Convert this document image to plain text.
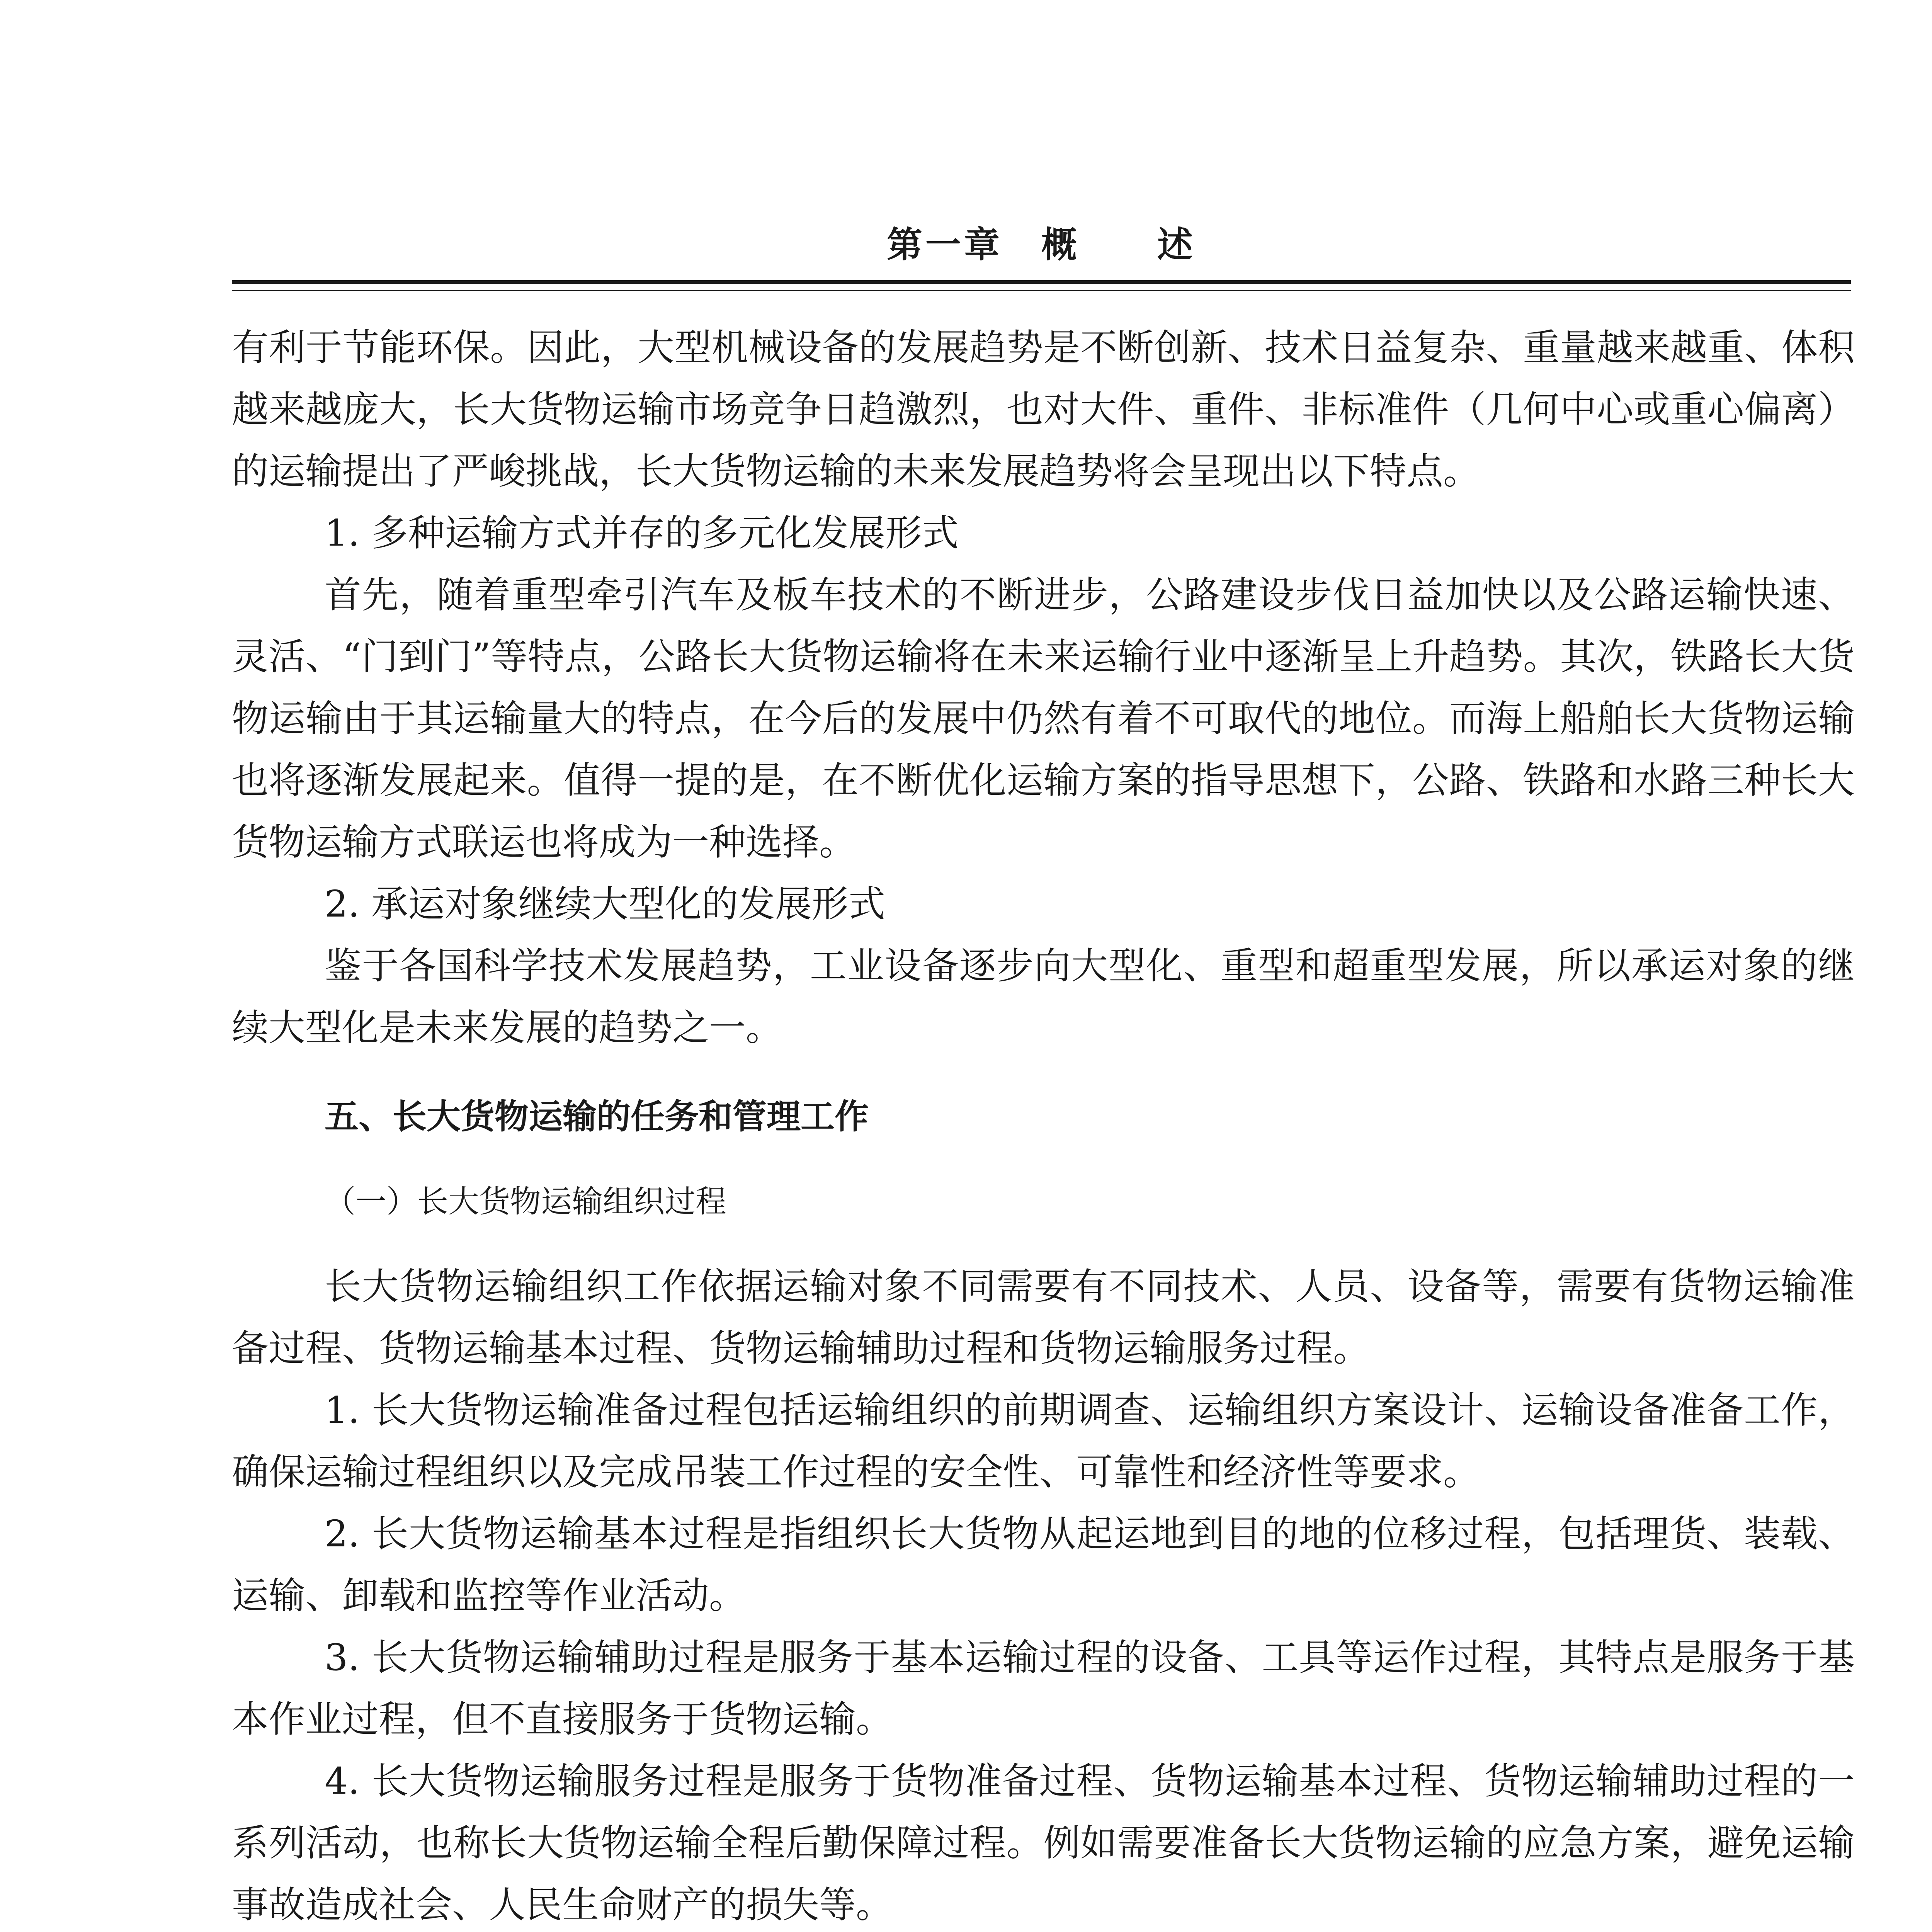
第一章　概　　述

有利于节能环保。因此，大型机械设备的发展趋势是不断创新、技术日益复杂、重量越来越重、体积越来越庞大，长大货物运输市场竞争日趋激烈，也对大件、重件、非标准件（几何中心或重心偏离）的运输提出了严峻挑战，长大货物运输的未来发展趋势将会呈现出以下特点。

1. 多种运输方式并存的多元化发展形式

首先，随着重型牵引汽车及板车技术的不断进步，公路建设步伐日益加快以及公路运输快速、灵活、“门到门”等特点，公路长大货物运输将在未来运输行业中逐渐呈上升趋势。其次，铁路长大货物运输由于其运输量大的特点，在今后的发展中仍然有着不可取代的地位。而海上船舶长大货物运输也将逐渐发展起来。值得一提的是，在不断优化运输方案的指导思想下，公路、铁路和水路三种长大货物运输方式联运也将成为一种选择。

2. 承运对象继续大型化的发展形式

鉴于各国科学技术发展趋势，工业设备逐步向大型化、重型和超重型发展，所以承运对象的继续大型化是未来发展的趋势之一。

五、长大货物运输的任务和管理工作
（一）长大货物运输组织过程

长大货物运输组织工作依据运输对象不同需要有不同技术、人员、设备等，需要有货物运输准备过程、货物运输基本过程、货物运输辅助过程和货物运输服务过程。

1. 长大货物运输准备过程包括运输组织的前期调查、运输组织方案设计、运输设备准备工作，确保运输过程组织以及完成吊装工作过程的安全性、可靠性和经济性等要求。

2. 长大货物运输基本过程是指组织长大货物从起运地到目的地的位移过程，包括理货、装载、运输、卸载和监控等作业活动。

3. 长大货物运输辅助过程是服务于基本运输过程的设备、工具等运作过程，其特点是服务于基本作业过程，但不直接服务于货物运输。

4. 长大货物运输服务过程是服务于货物准备过程、货物运输基本过程、货物运输辅助过程的一系列活动，也称长大货物运输全程后勤保障过程。例如需要准备长大货物运输的应急方案，避免运输事故造成社会、人民生命财产的损失等。
